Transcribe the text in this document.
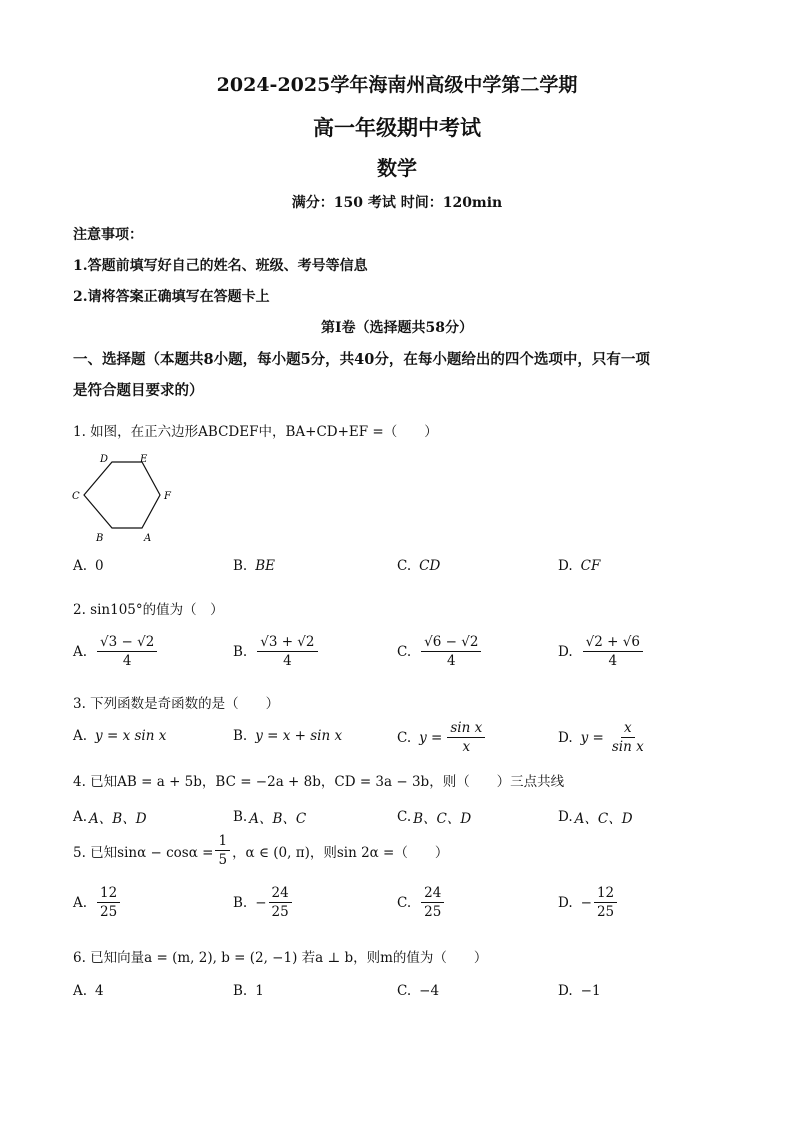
2024-2025学年海南州高级中学第二学期
高一年级期中考试
数学
满分：150 考试 时间：120min
注意事项：
1.答题前填写好自己的姓名、班级、考号等信息
2.请将答案正确填写在答题卡上
第Ⅰ卷（选择题共58分）
一、选择题（本题共8小题，每小题5分，共40分，在每小题给出的四个选项中，只有一项
是符合题目要求的）
1. 如图，在正六边形ABCDEF中，BA+CD+EF =（　　）
D	E
F
A
B
C
A. 0	B. BE	C. CD	D. CF
2. sin105°的值为（　）
A. $\frac{√3 - √2}{4}$	B. $\frac{√3 + √2}{4}$	C. $\frac{√6 - √2}{4}$	D. $\frac{√2 + √6}{4}$
3. 下列函数是奇函数的是（　　）
A. y = x sin x	B. y = x + sin x	C. $y = \frac{\text{sin x}}{x}$	D. $y = \frac{x}{\text{sin x}}$
4. 已知AB = a + 5b，BC = −2a + 8b，CD = 3a − 3b，则（　　）三点共线
A. A、B、D	B. A、B、C	C. B、C、D	D. A、C、D
5. 已知$\sin\alpha - \cos\alpha = \frac{1}{5}$ ，α ∈ (0, π)，则sin 2α =（　　）
A. $\frac{12}{25}$	B. − $\frac{24}{25}$	C. $\frac{24}{25}$	D. − $\frac{12}{25}$
6. 已知向量a = (m, 2), b = (2, −1) 若a ⊥ b，则m的值为（　　）
A. 4	B. 1	C. −4	D. −1
